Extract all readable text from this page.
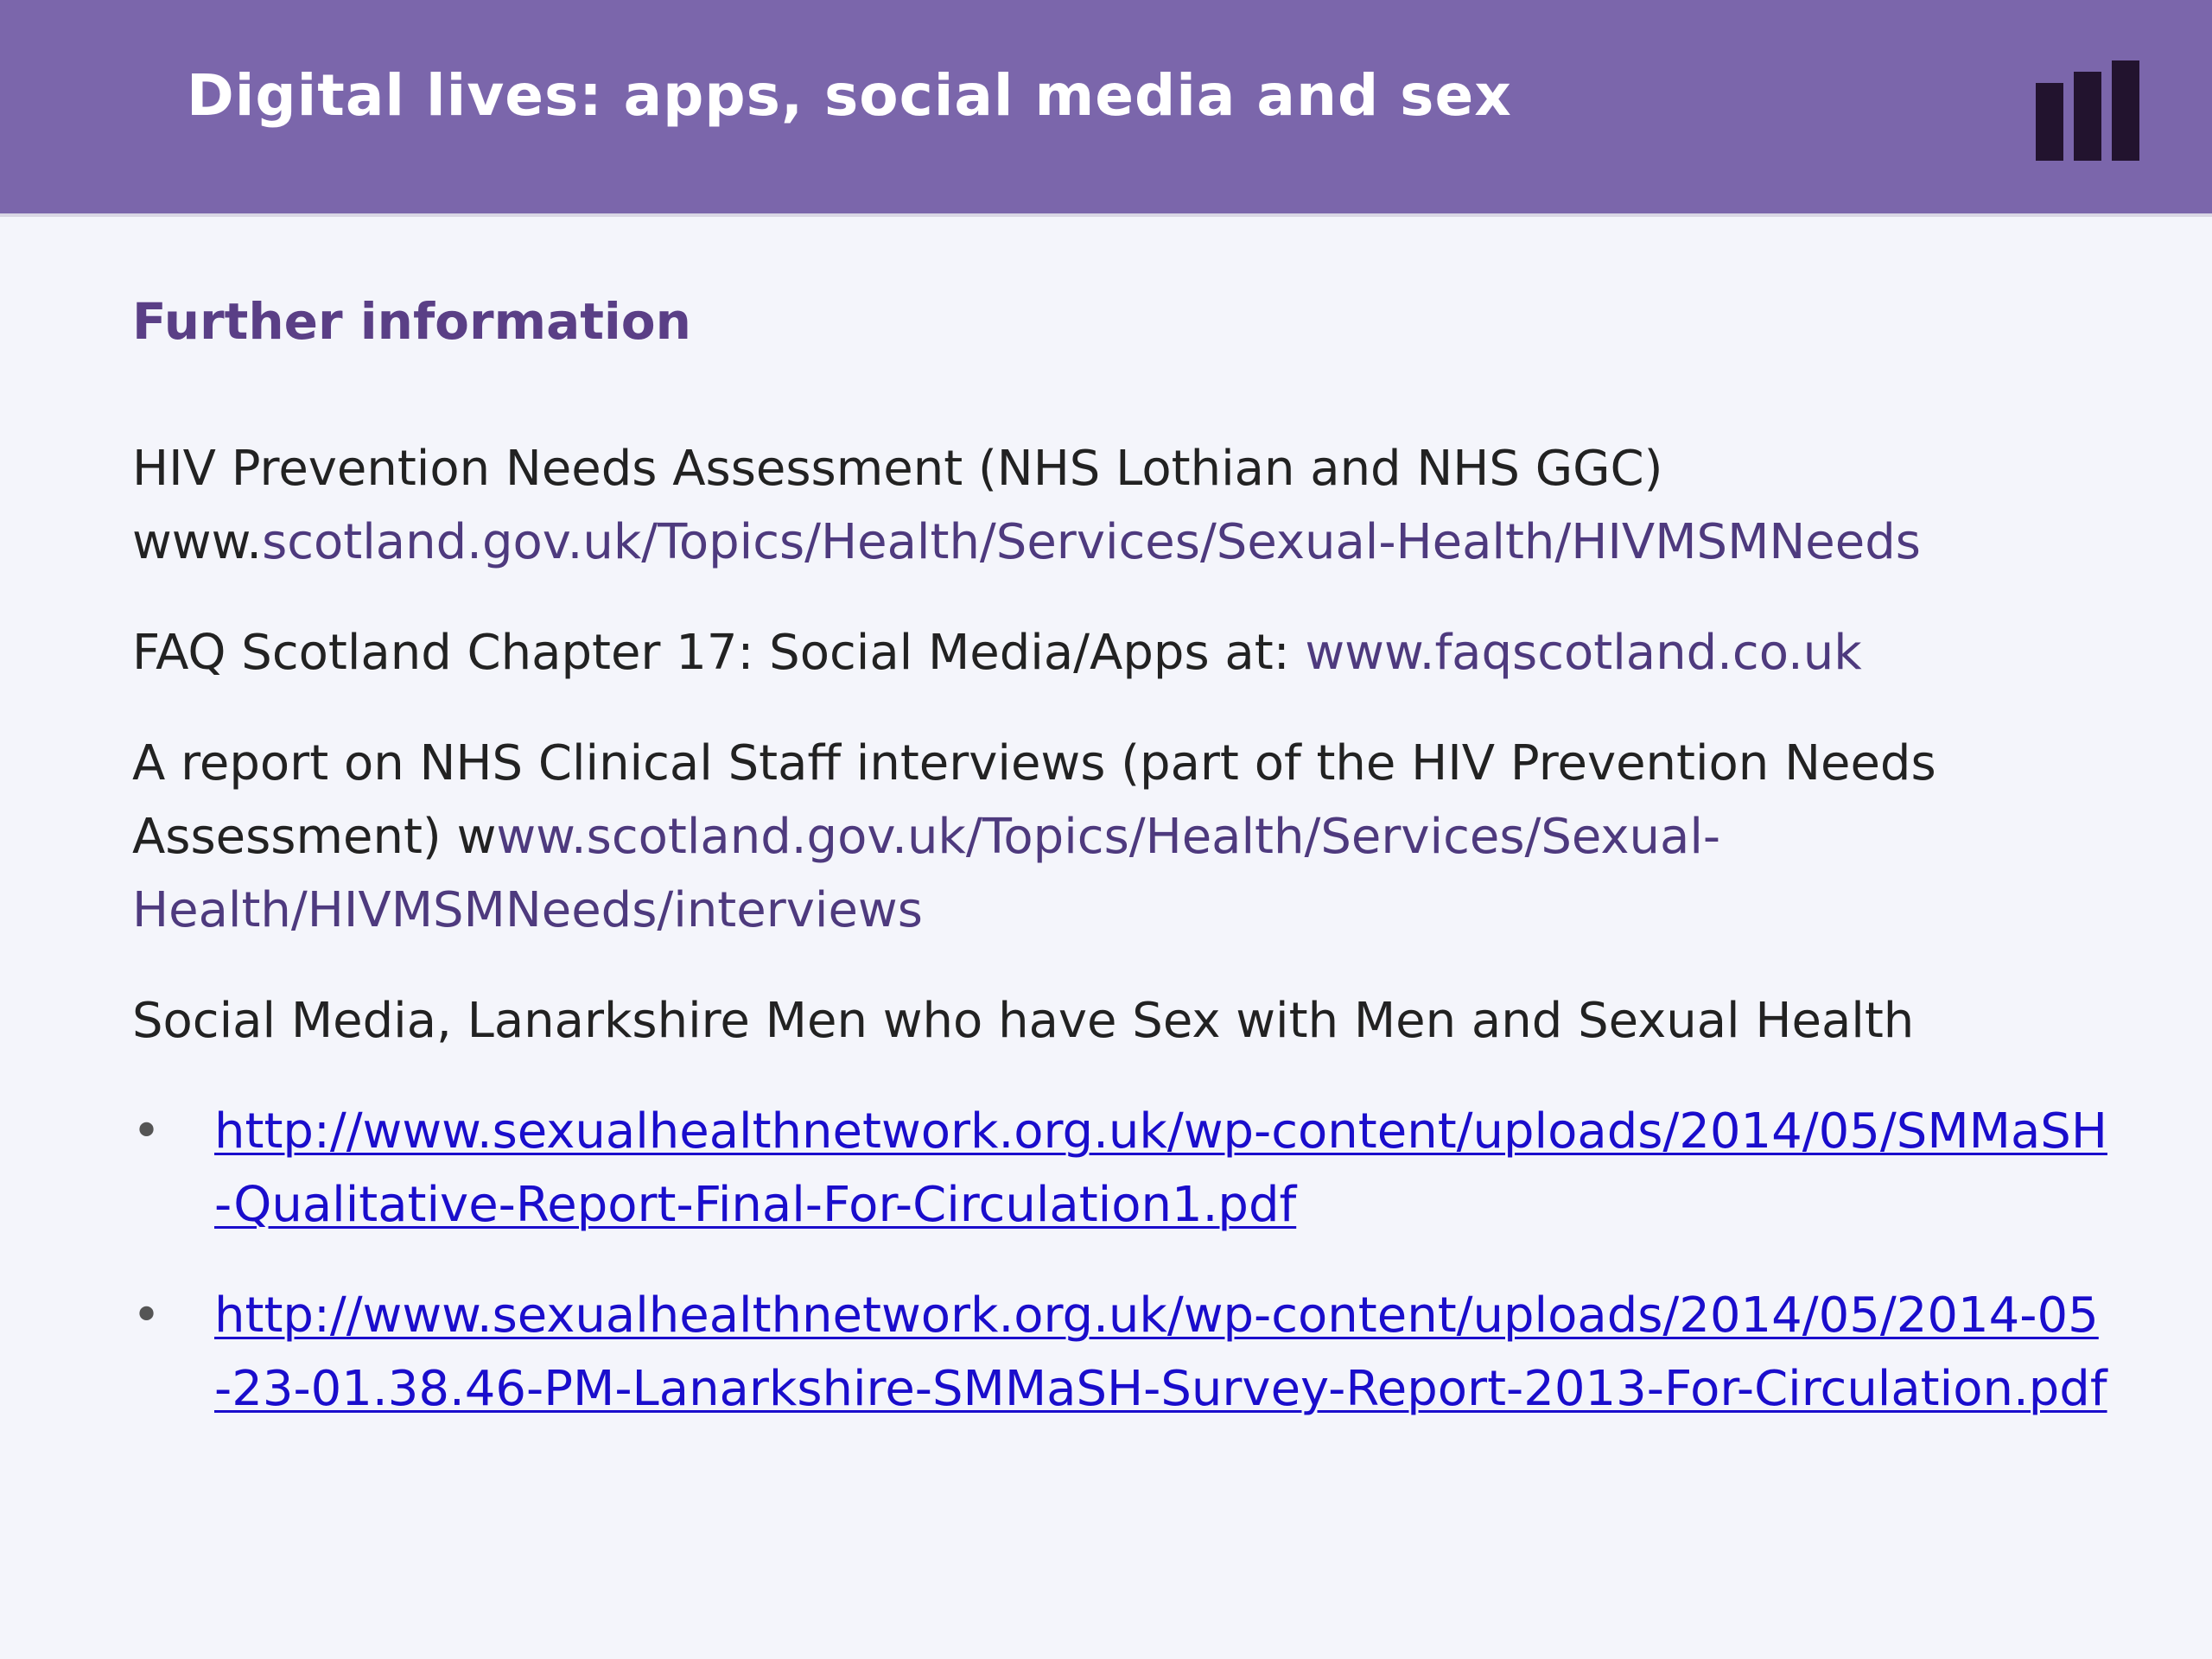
Digital lives: apps, social media and sex
Further information
HIV Prevention Needs Assessment (NHS Lothian and NHS GGC)
www.scotland.gov.uk/Topics/Health/Services/Sexual-Health/HIVMSMNeeds
FAQ Scotland Chapter 17: Social Media/Apps at: www.faqscotland.co.uk
A report on NHS Clinical Staff interviews (part of the HIV Prevention Needs Assessment) www.scotland.gov.uk/Topics/Health/Services/Sexual-Health/HIVMSMNeeds/interviews
Social Media, Lanarkshire Men who have Sex with Men and Sexual Health
• http://www.sexualhealthnetwork.org.uk/wp-content/uploads/2014/05/SMMaSH-Qualitative-Report-Final-For-Circulation1.pdf
• http://www.sexualhealthnetwork.org.uk/wp-content/uploads/2014/05/2014-05-23-01.38.46-PM-Lanarkshire-SMMaSH-Survey-Report-2013-For-Circulation.pdf
